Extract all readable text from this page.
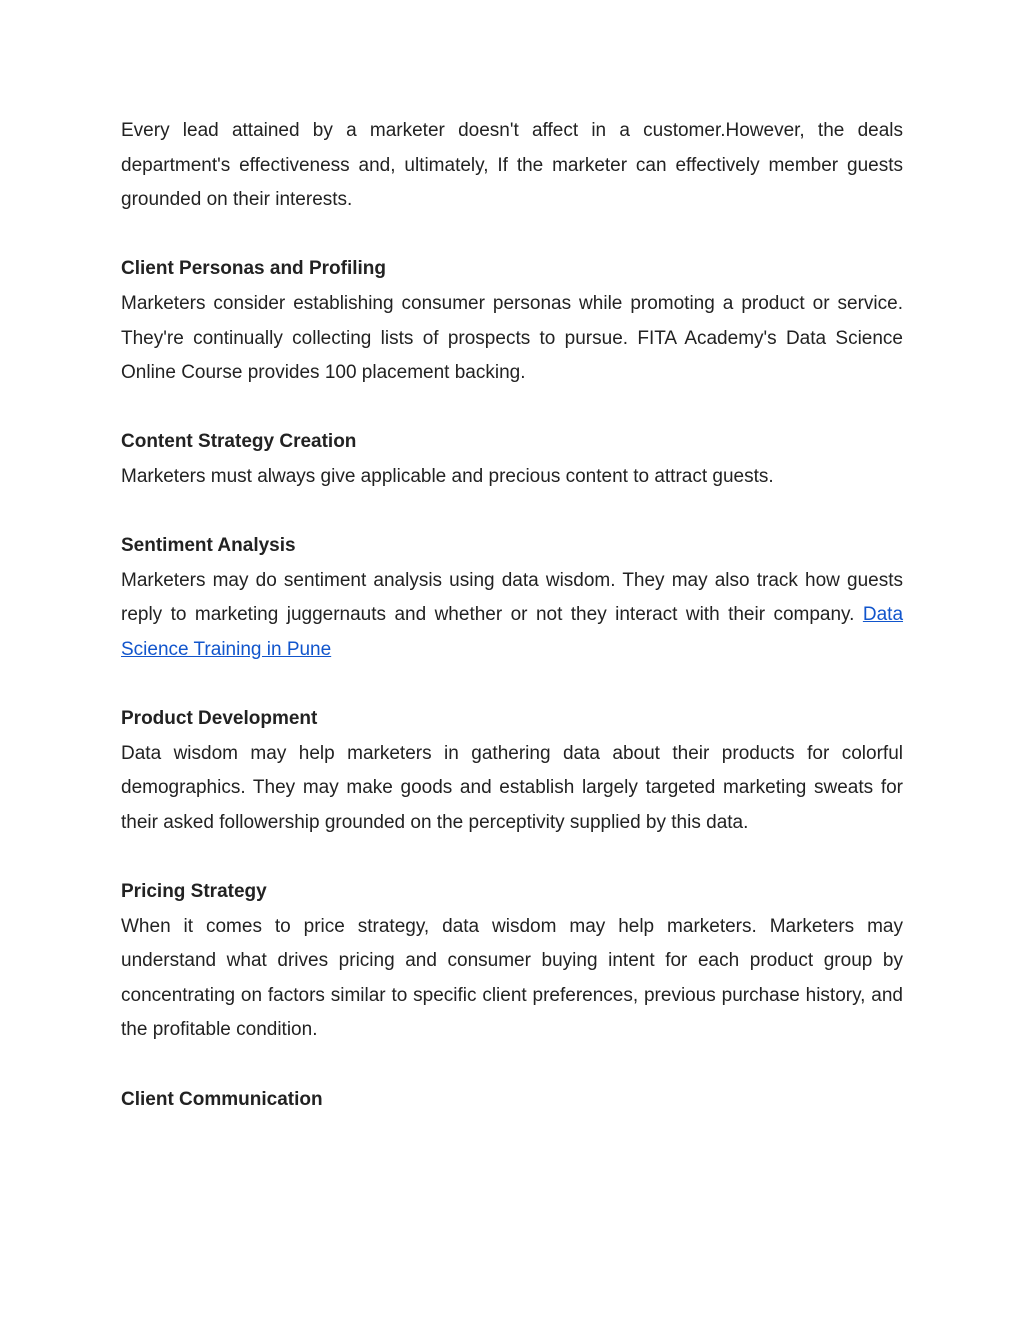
Every lead attained by a marketer doesn't affect in a customer.However, the deals department's effectiveness and, ultimately, If the marketer can effectively member guests grounded on their interests.

Client Personas and Profiling

Marketers consider establishing consumer personas while promoting a product or service. They're continually collecting lists of prospects to pursue. FITA Academy's Data Science Online Course provides 100 placement backing.

Content Strategy Creation

Marketers must always give applicable and precious content to attract guests.

Sentiment Analysis

Marketers may do sentiment analysis using data wisdom. They may also track how guests reply to marketing juggernauts and whether or not they interact with their company. Data Science Training in Pune

Product Development

Data wisdom may help marketers in gathering data about their products for colorful demographics. They may make goods and establish largely targeted marketing sweats for their asked followership grounded on the perceptivity supplied by this data.

Pricing Strategy

When it comes to price strategy, data wisdom may help marketers. Marketers may understand what drives pricing and consumer buying intent for each product group by concentrating on factors similar to specific client preferences, previous purchase history, and the profitable condition.

Client Communication
